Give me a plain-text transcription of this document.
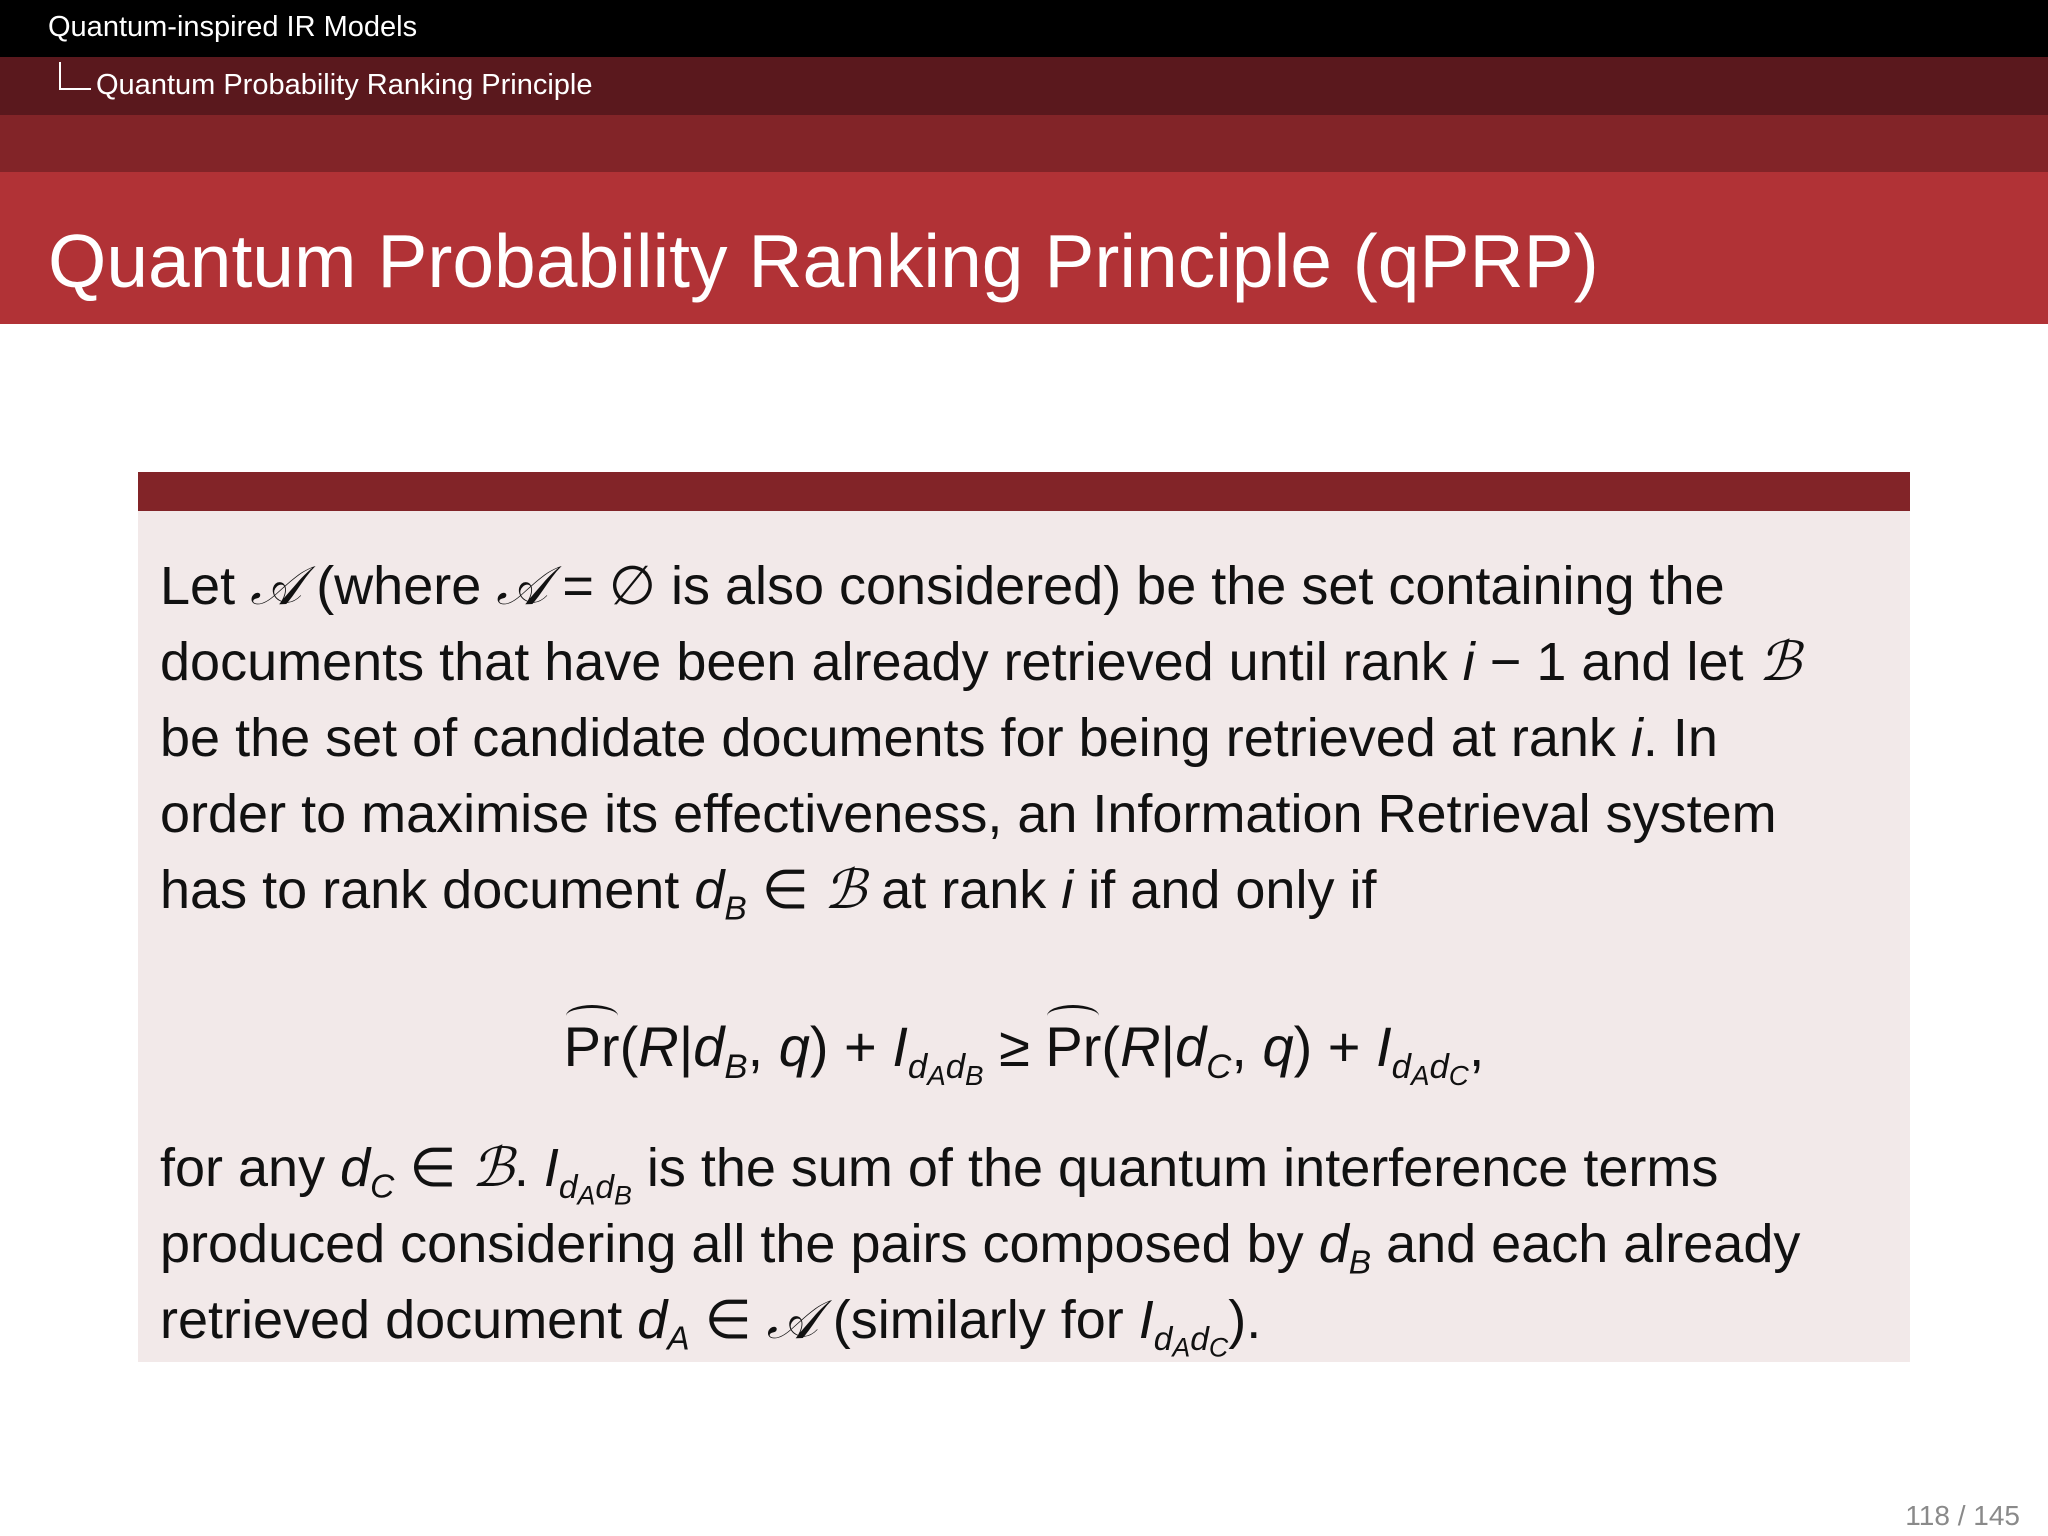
Quantum-inspired IR Models
Quantum Probability Ranking Principle
Quantum Probability Ranking Principle (qPRP)
Let 𝒜 (where 𝒜 = ∅ is also considered) be the set containing the
documents that have been already retrieved until rank i − 1 and let ℬ
be the set of candidate documents for being retrieved at rank i. In
order to maximise its effectiveness, an Information Retrieval system
has to rank document $d_B$ ∈ ℬ at rank i if and only if
$Pr(R|d_B$, $q) + I_{d_Ad_B} \ge Pr(R|d_C$, $q) + I_{d_Ad_C}$,
for any $d_C$ ∈ ℬ. $I_{d_Ad_B}$ is the sum of the quantum interference terms
produced considering all the pairs composed by $d_B$ and each already
retrieved document $d_A$ ∈ 𝒜 (similarly for $I_{d_Ad_C}$).
118 / 145
